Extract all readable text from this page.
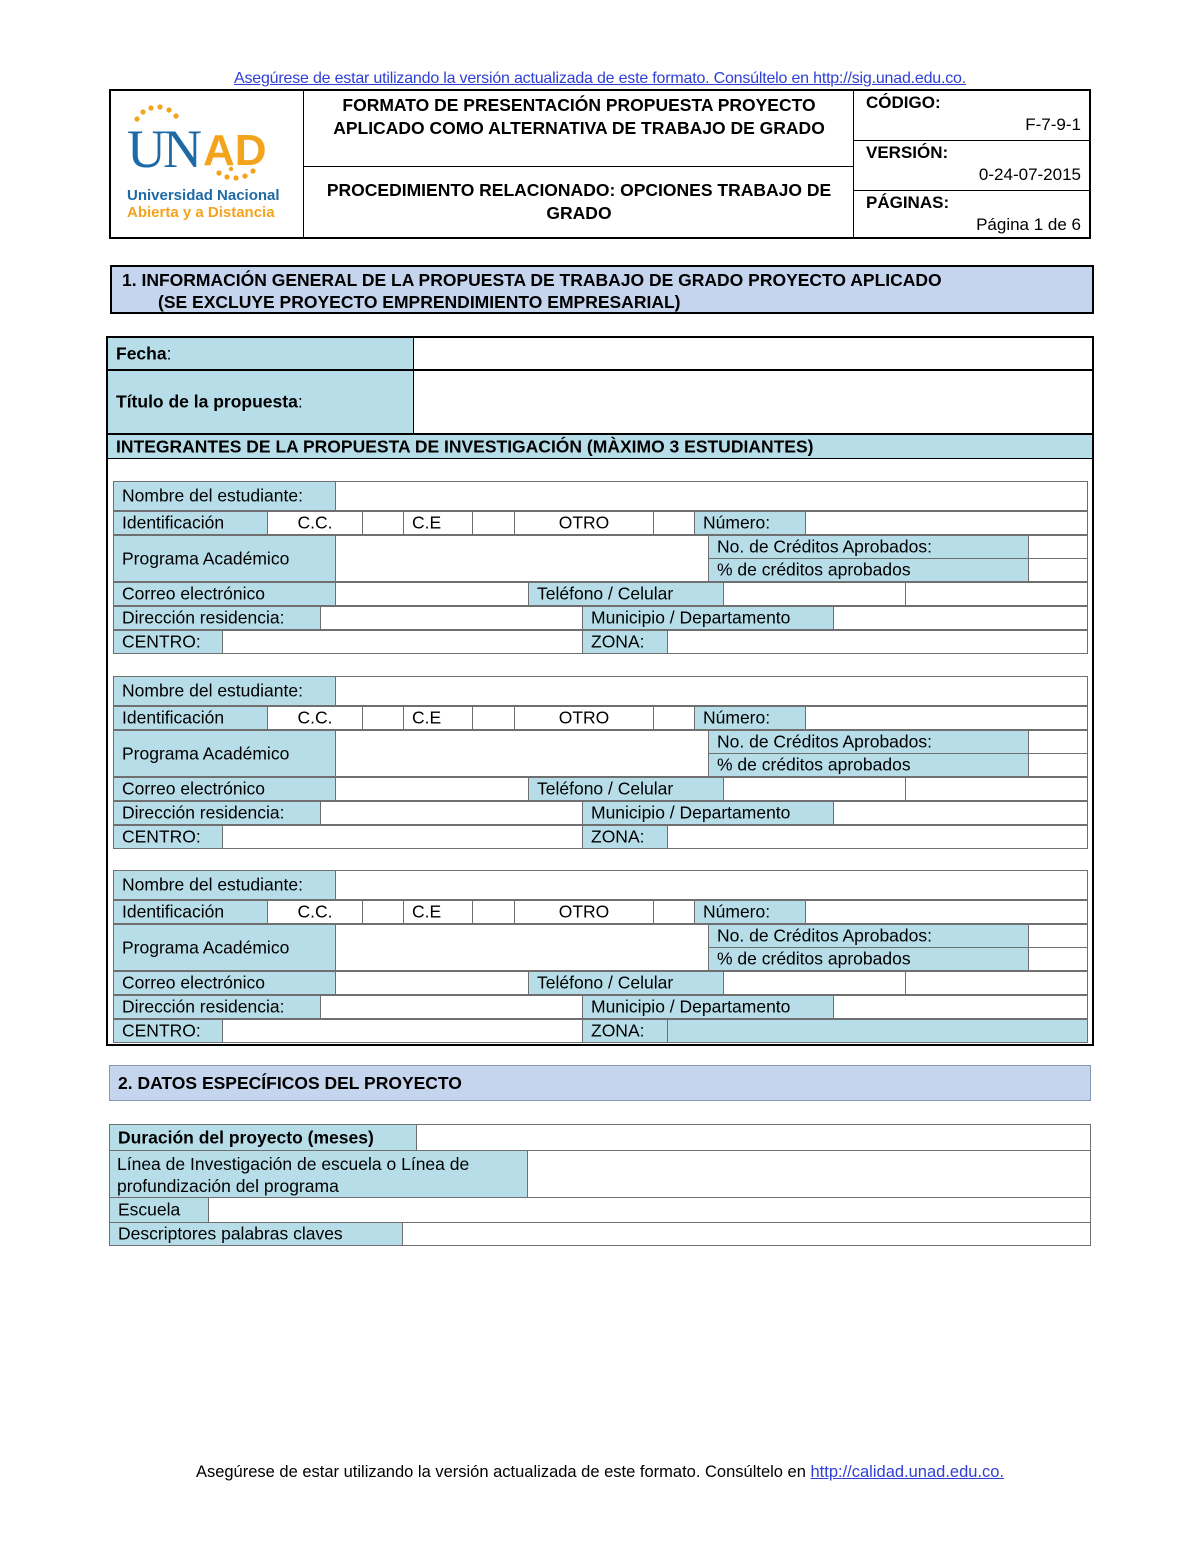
Asegúrese de estar utilizando la versión actualizada de este formato. Consúltelo en http://sig.unad.edu.co.
U
N AD
Universidad Nacional
Abierta y a Distancia
FORMATO DE PRESENTACIÓN PROPUESTA PROYECTO APLICADO COMO ALTERNATIVA DE TRABAJO DE GRADO
PROCEDIMIENTO RELACIONADO: OPCIONES TRABAJO DE GRADO
CÓDIGO:
F-7-9-1
VERSIÓN:
0-24-07-2015
PÁGINAS:
Página 1 de 6
1. INFORMACIÓN GENERAL DE LA PROPUESTA DE TRABAJO DE GRADO PROYECTO APLICADO
(SE EXCLUYE PROYECTO EMPRENDIMIENTO EMPRESARIAL)
Fecha:
Título de la propuesta:
INTEGRANTES DE LA PROPUESTA DE INVESTIGACIÓN (MÀXIMO 3 ESTUDIANTES)
Nombre del estudiante:
Identificación	C.C.	C.E	OTRO	Número:
Programa Académico
No. de Créditos Aprobados:
% de créditos aprobados
Correo electrónico	Teléfono / Celular
Dirección residencia:	Municipio / Departamento
CENTRO:	ZONA:
Nombre del estudiante:
Identificación	C.C.	C.E	OTRO	Número:
Programa Académico
No. de Créditos Aprobados:
% de créditos aprobados
Correo electrónico	Teléfono / Celular
Dirección residencia:	Municipio / Departamento
CENTRO:	ZONA:
Nombre del estudiante:
Identificación	C.C.	C.E	OTRO	Número:
Programa Académico
No. de Créditos Aprobados:
% de créditos aprobados
Correo electrónico	Teléfono / Celular
Dirección residencia:	Municipio / Departamento
CENTRO:	ZONA:
2. DATOS ESPECÍFICOS DEL PROYECTO
Duración del proyecto (meses)
Línea de Investigación de escuela o Línea de
profundización del programa
Escuela
Descriptores palabras claves
Asegúrese de estar utilizando la versión actualizada de este formato. Consúltelo en http://calidad.unad.edu.co.
